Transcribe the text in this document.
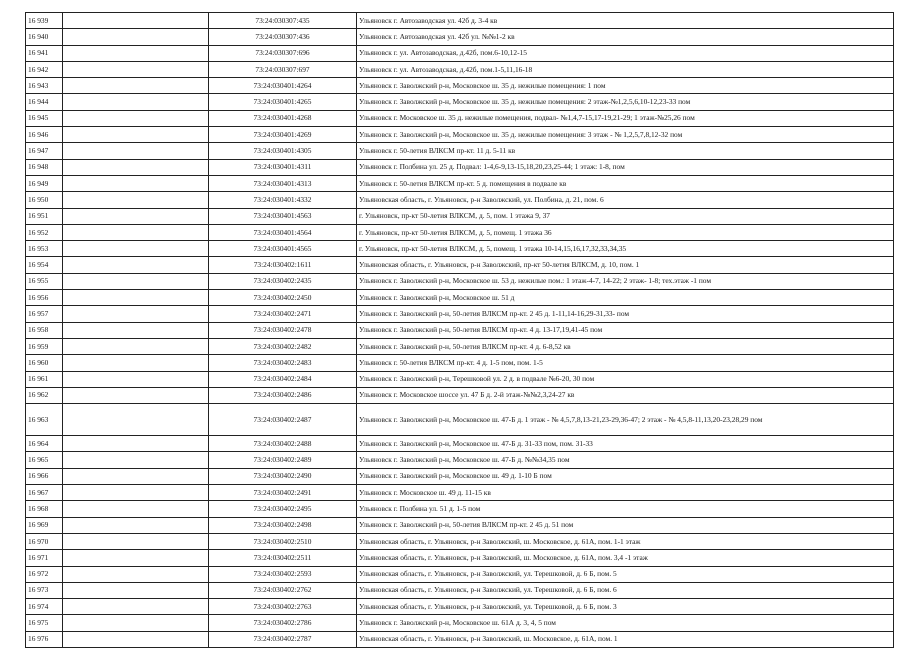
16 939		73:24:030307:435	Ульяновск г. Автозаводская ул. 42б д. 3-4 кв
16 940		73:24:030307:436	Ульяновск г. Автозаводская ул. 42б ул. №№1-2 кв
16 941		73:24:030307:696	Ульяновск г. ул. Автозаводская, д.42б, пом.6-10,12-15
16 942		73:24:030307:697	Ульяновск г. ул. Автозаводская, д.42б, пом.1-5,11,16-18
16 943		73:24:030401:4264	Ульяновск г. Заволжский р-н, Московское ш. 35 д. нежилые помещения: 1 пом
16 944		73:24:030401:4265	Ульяновск г. Заволжский р-н, Московское ш. 35 д. нежилые помещения: 2 этаж-№1,2,5,6,10-12,23-33 пом
16 945		73:24:030401:4268	Ульяновск г. Московское ш. 35 д. нежилые помещения, подвал- №1,4,7-15,17-19,21-29; 1 этаж-№25,26 пом
16 946		73:24:030401:4269	Ульяновск г. Заволжский р-н, Московское ш. 35 д. нежилые помещения: 3 этаж - № 1,2,5,7,8,12-32 пом
16 947		73:24:030401:4305	Ульяновск г. 50-летия ВЛКСМ пр-кт. 11 д. 5-11 кв
16 948		73:24:030401:4311	Ульяновск г. Полбина ул. 25 д. Подвал: 1-4,6-9,13-15,18,20,23,25-44; 1 этаж: 1-8, пом
16 949		73:24:030401:4313	Ульяновск г. 50-летия ВЛКСМ пр-кт. 5 д. помещения в подвале кв
16 950		73:24:030401:4332	Ульяновская область, г. Ульяновск, р-н Заволжский, ул. Полбина, д. 21, пом. 6
16 951		73:24:030401:4563	г. Ульяновск, пр-кт 50-летия ВЛКСМ, д. 5, пом. 1 этажа 9, 37
16 952		73:24:030401:4564	г. Ульяновск, пр-кт 50-летия ВЛКСМ, д. 5, помещ. 1 этажа 36
16 953		73:24:030401:4565	г. Ульяновск, пр-кт 50-летия ВЛКСМ, д. 5, помещ. 1 этажа 10-14,15,16,17,32,33,34,35
16 954		73:24:030402:1611	Ульяновская область, г. Ульяновск, р-н Заволжский, пр-кт 50-летия ВЛКСМ, д. 10, пом. 1
16 955		73:24:030402:2435	Ульяновск г. Заволжский р-н, Московское ш. 53 д. нежилые пом.: 1 этаж-4-7, 14-22; 2 этаж- 1-8; тех.этаж -1 пом
16 956		73:24:030402:2450	Ульяновск г. Заволжский р-н, Московское ш. 51 д
16 957		73:24:030402:2471	Ульяновск г. Заволжский р-н, 50-летия ВЛКСМ пр-кт. 2 45 д. 1-11,14-16,29-31,33- пом
16 958		73:24:030402:2478	Ульяновск г. Заволжский р-н, 50-летия ВЛКСМ пр-кт. 4 д. 13-17,19,41-45 пом
16 959		73:24:030402:2482	Ульяновск г. Заволжский р-н, 50-летия ВЛКСМ пр-кт. 4 д. 6-8,52 кв
16 960		73:24:030402:2483	Ульяновск г. 50-летия ВЛКСМ пр-кт. 4 д. 1-5 пом, пом. 1-5
16 961		73:24:030402:2484	Ульяновск г. Заволжский р-н, Терешковой ул. 2 д. в подвале №6-20, 30 пом
16 962		73:24:030402:2486	Ульяновск г. Московское шоссе ул. 47 Б д. 2-й этаж-№№2,3,24-27 кв
16 963		73:24:030402:2487	Ульяновск г. Заволжский р-н, Московское ш. 47-Б д. 1 этаж - № 4,5,7,8,13-21,23-29,36-47; 2 этаж - № 4,5,8-11,13,20-23,28,29 пом
16 964		73:24:030402:2488	Ульяновск г. Заволжский р-н, Московское ш. 47-Б д. 31-33 пом, пом. 31-33
16 965		73:24:030402:2489	Ульяновск г. Заволжский р-н, Московское ш. 47-Б д. №№34,35 пом
16 966		73:24:030402:2490	Ульяновск г. Заволжский р-н, Московское ш. 49 д. 1-10 Б пом
16 967		73:24:030402:2491	Ульяновск г. Московское ш. 49 д. 11-15 кв
16 968		73:24:030402:2495	Ульяновск г. Полбина ул. 51 д. 1-5 пом
16 969		73:24:030402:2498	Ульяновск г. Заволжский р-н, 50-летия ВЛКСМ пр-кт. 2 45 д. 51 пом
16 970		73:24:030402:2510	Ульяновская область, г. Ульяновск, р-н Заволжский, ш. Московское, д. 61А, пом. 1-1 этаж
16 971		73:24:030402:2511	Ульяновская область, г. Ульяновск, р-н Заволжский, ш. Московское, д. 61А, пом. 3,4 -1 этаж
16 972		73:24:030402:2593	Ульяновская область, г. Ульяновск, р-н Заволжский, ул. Терешковой, д. 6 Б, пом. 5
16 973		73:24:030402:2762	Ульяновская область, г. Ульяновск, р-н Заволжский, ул. Терешковой, д. 6 Б, пом. 6
16 974		73:24:030402:2763	Ульяновская область, г. Ульяновск, р-н Заволжский, ул. Терешковой, д. 6 Б, пом. 3
16 975		73:24:030402:2786	Ульяновск г. Заволжский р-н, Московское ш. 61А д. 3, 4, 5 пом
16 976		73:24:030402:2787	Ульяновская область, г. Ульяновск, р-н Заволжский, ш. Московское, д. 61А, пом. 1
